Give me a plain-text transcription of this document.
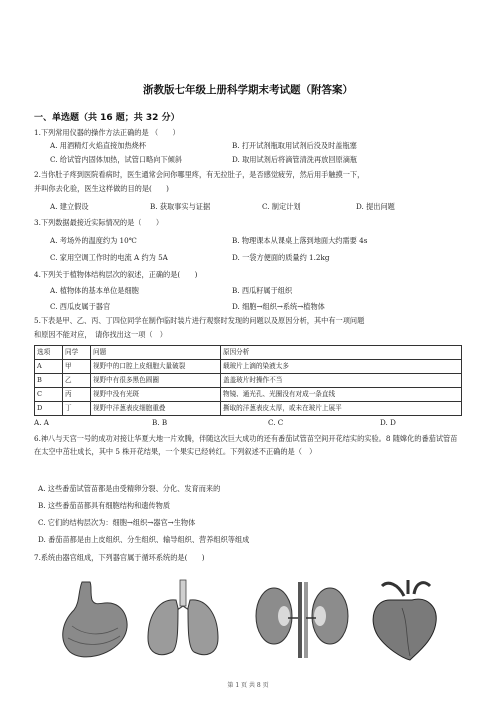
浙教版七年级上册科学期末考试题（附答案）
一、单选题（共 16 题；共 32 分）
1.下列常用仪器的操作方法正确的是 （　　）
A. 用酒精灯火焰直接加热烧杯	B. 打开试剂瓶取用试剂后没及时盖瓶塞
C. 给试管内固体加热，试管口略向下倾斜	D. 取用试剂后将滴管清洗再放回原滴瓶
2.当你肚子疼到医院看病时，医生通常会问你哪里疼，有无拉肚子，是否感觉疲劳，然后用手触摸一下，
并叫你去化验，医生这样做的目的是(　　)
A. 建立假设	B. 获取事实与证据	C. 制定计划	D. 提出问题
3.下列数据最接近实际情况的是（　　）
A. 考场外的温度约为 10℃	B. 物理课本从课桌上落到地面大约需要 4s
C. 家用空调工作时的电流 A 约为 5A	D. 一袋方便面的质量约 1.2kg
4.下列关于植物体结构层次的叙述，正确的是(　　)
A. 植物体的基本单位是细胞	B. 西瓜籽属于组织
C. 西瓜皮属于器官	D. 细胞→组织→系统→植物体
5.下表是甲、乙、丙、丁四位同学在制作临时装片进行观察时发现的问题以及原因分析，其中有一项问题
和原因不能对应，　请你找出这一项（　）
选项	同学	问题	原因分析
A	甲	视野中的口腔上皮细胞大量破裂	载玻片上滴的染液太多
B	乙	视野中有很多黑色圆圈	盖盖玻片时操作不当
C	丙	视野中没有光斑	物镜、通光孔、光圈没有对成一条直线
D	丁	视野中洋葱表皮细胞重叠	撕取的洋葱表皮太厚，或未在玻片上展平
A. A	B. B	C. C	D. D
6.神八与天宫一号的成功对接让华夏大地一片欢腾，伴随这次巨大成功的还有番茄试管苗空间开花结实的实验。8 随嫦化的番茄试管苗在太空中茁壮成长，其中 5 株开花结果，一个果实已经转红。下列叙述不正确的是（　）
A. 这些番茄试管苗都是由受精卵分裂、分化、发育而来的
B. 这些番茄苗都具有细胞结构和遗传物质
C. 它们的结构层次为：细胞→组织→器官→生物体
D. 番茄苗都是由上皮组织、分生组织、输导组织、营养组织等组成
7.系统由器官组成，下列器官属于循环系统的是(　　)
第 1 页 共 8 页
